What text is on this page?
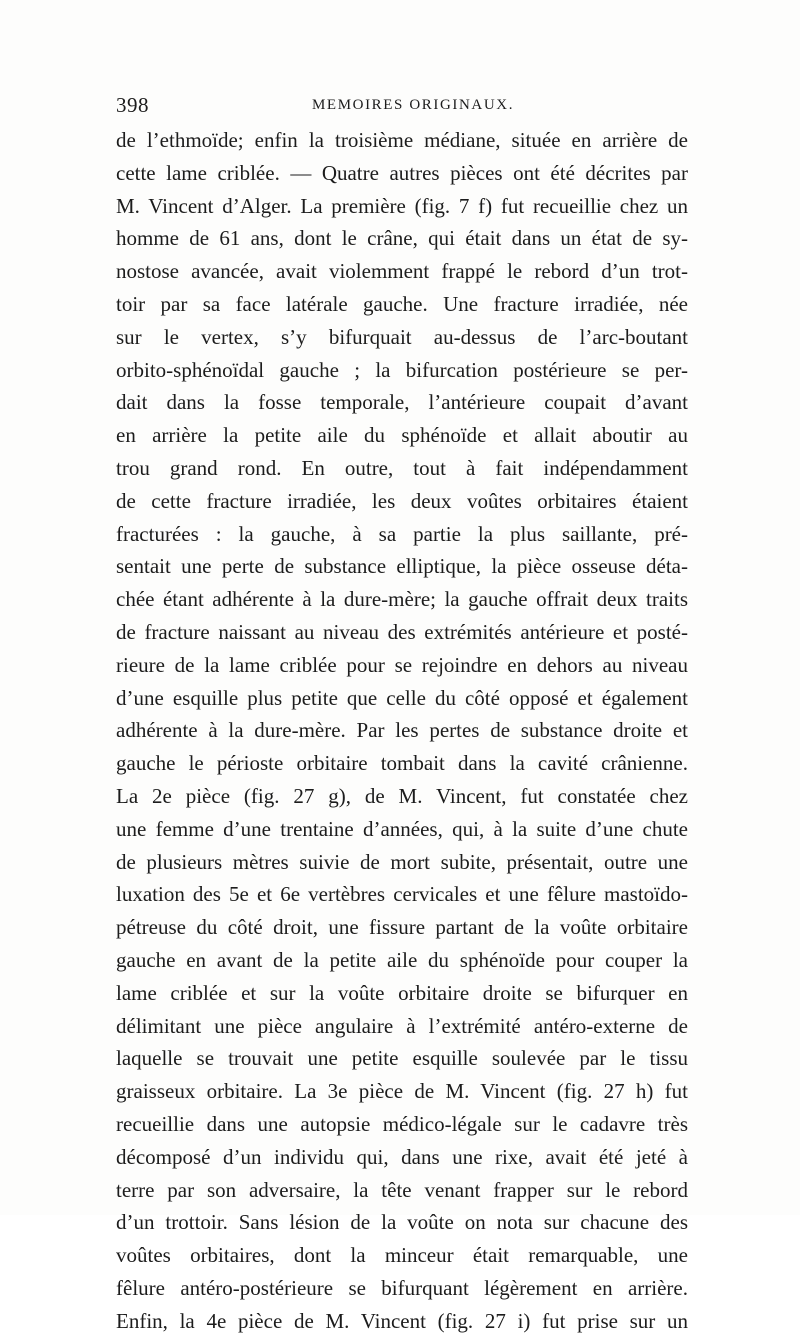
398	MEMOIRES ORIGINAUX.
de l’ethmoïde; enfin la troisième médiane, située en arrière de
cette lame criblée. — Quatre autres pièces ont été décrites par
M. Vincent d’Alger. La première (fig. 7 f) fut recueillie chez un
homme de 61 ans, dont le crâne, qui était dans un état de sy-
nostose avancée, avait violemment frappé le rebord d’un trot-
toir par sa face latérale gauche. Une fracture irradiée, née
sur le vertex, s’y bifurquait au-dessus de l’arc-boutant
orbito-sphénoïdal gauche ; la bifurcation postérieure se per-
dait dans la fosse temporale, l’antérieure coupait d’avant
en arrière la petite aile du sphénoïde et allait aboutir au
trou grand rond. En outre, tout à fait indépendamment
de cette fracture irradiée, les deux voûtes orbitaires étaient
fracturées : la gauche, à sa partie la plus saillante, pré-
sentait une perte de substance elliptique, la pièce osseuse déta-
chée étant adhérente à la dure-mère; la gauche offrait deux traits
de fracture naissant au niveau des extrémités antérieure et posté-
rieure de la lame criblée pour se rejoindre en dehors au niveau
d’une esquille plus petite que celle du côté opposé et également
adhérente à la dure-mère. Par les pertes de substance droite et
gauche le périoste orbitaire tombait dans la cavité crânienne.
La 2e pièce (fig. 27 g), de M. Vincent, fut constatée chez
une femme d’une trentaine d’années, qui, à la suite d’une chute
de plusieurs mètres suivie de mort subite, présentait, outre une
luxation des 5e et 6e vertèbres cervicales et une fêlure mastoïdo-
pétreuse du côté droit, une fissure partant de la voûte orbitaire
gauche en avant de la petite aile du sphénoïde pour couper la
lame criblée et sur la voûte orbitaire droite se bifurquer en
délimitant une pièce angulaire à l’extrémité antéro-externe de
laquelle se trouvait une petite esquille soulevée par le tissu
graisseux orbitaire. La 3e pièce de M. Vincent (fig. 27 h) fut
recueillie dans une autopsie médico-légale sur le cadavre très
décomposé d’un individu qui, dans une rixe, avait été jeté à
terre par son adversaire, la tête venant frapper sur le rebord
d’un trottoir. Sans lésion de la voûte on nota sur chacune des
voûtes orbitaires, dont la minceur était remarquable, une
fêlure antéro-postérieure se bifurquant légèrement en arrière.
Enfin, la 4e pièce de M. Vincent (fig. 27 i) fut prise sur un
